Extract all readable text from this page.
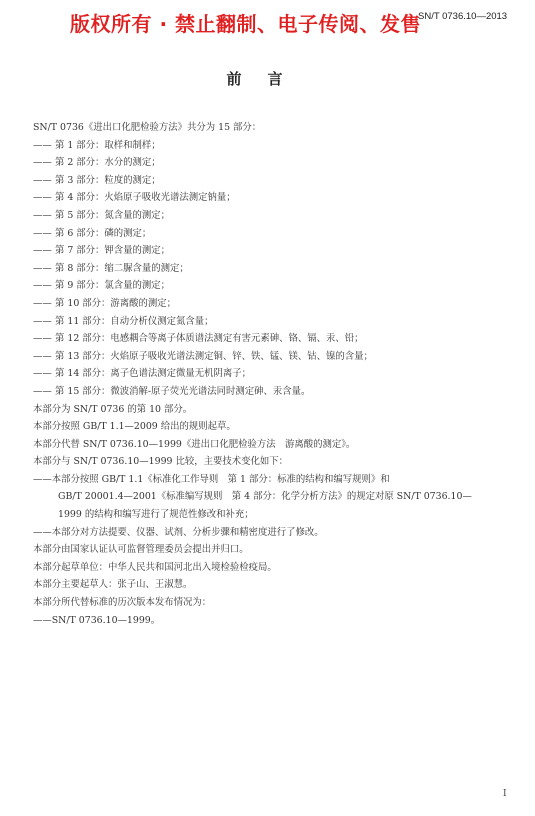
版权所有 · 禁止翻制、电子传阅、发售
SN/T 0736.10—2013
前言
SN/T 0736《进出口化肥检验方法》共分为 15 部分：
—— 第 1 部分：取样和制样；
—— 第 2 部分：水分的测定；
—— 第 3 部分：粒度的测定；
—— 第 4 部分：火焰原子吸收光谱法测定钠量；
—— 第 5 部分：氮含量的测定；
—— 第 6 部分：磷的测定；
—— 第 7 部分：钾含量的测定；
—— 第 8 部分：缩二脲含量的测定；
—— 第 9 部分：氯含量的测定；
—— 第 10 部分：游离酸的测定；
—— 第 11 部分：自动分析仪测定氮含量；
—— 第 12 部分：电感耦合等离子体质谱法测定有害元素砷、铬、镉、汞、铅；
—— 第 13 部分：火焰原子吸收光谱法测定铜、锌、铁、锰、镁、钴、镍的含量；
—— 第 14 部分：离子色谱法测定微量无机阴离子；
—— 第 15 部分：微波消解-原子荧光光谱法同时测定砷、汞含量。
本部分为 SN/T 0736 的第 10 部分。
本部分按照 GB/T 1.1—2009 给出的规则起草。
本部分代替 SN/T 0736.10—1999《进出口化肥检验方法　游离酸的测定》。
本部分与 SN/T 0736.10—1999 比较，主要技术变化如下：
——本部分按照 GB/T 1.1《标准化工作导则　第 1 部分：标准的结构和编写规则》和
GB/T 20001.4—2001《标准编写规则　第 4 部分：化学分析方法》的规定对原 SN/T 0736.10—
1999 的结构和编写进行了规范性修改和补充；
——本部分对方法提要、仪器、试剂、分析步骤和精密度进行了修改。
本部分由国家认证认可监督管理委员会提出并归口。
本部分起草单位：中华人民共和国河北出入境检验检疫局。
本部分主要起草人：张子山、王淑慧。
本部分所代替标准的历次版本发布情况为：
——SN/T 0736.10—1999。
I
